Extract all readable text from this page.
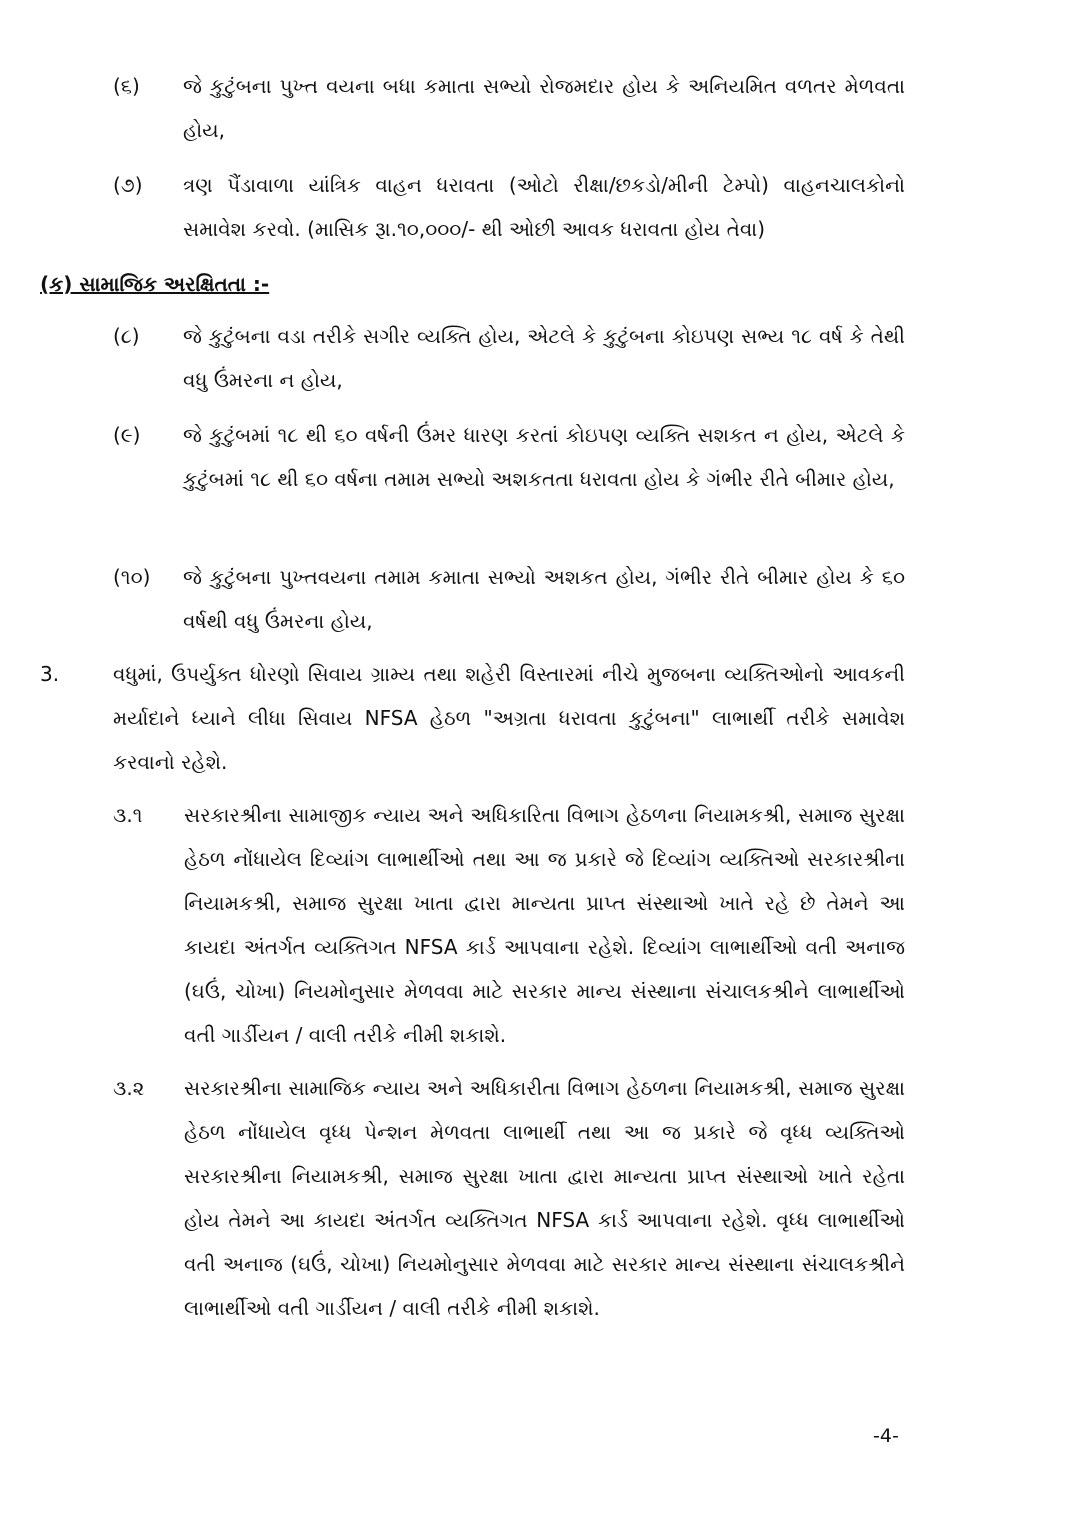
(૬) જે કુટુંબના પુખ્ત વયના બધા કમાતા સભ્યો રોજમદાર હોય કે અનિયમિત વળતર મેળવતા હોય,
(૭) ત્રણ પૈંડાવાળા યાંત્રિક વાહન ધરાવતા (ઓટો રીક્ષા/છકડો/મીની ટેમ્પો) વાહનચાલકોનો સમાવેશ કરવો. (માસિક રૂા.૧૦,૦૦૦/- થી ઓછી આવક ધરાવતા હોય તેવા)
(ક) સામાજિક અરક્ષિતતા :-
(૮) જે કુટુંબના વડા તરીકે સગીર વ્યક્તિ હોય, એટલે કે કુટુંબના કોઇપણ સભ્ય ૧૮ વર્ષ કે તેથી વધુ ઉંમરના ન હોય,
(૯) જે કુટુંબમાં ૧૮ થી ૬૦ વર્ષની ઉંમર ધારણ કરતાં કોઇપણ વ્યક્તિ સશકત ન હોય, એટલે કે કુટુંબમાં ૧૮ થી ૬૦ વર્ષના તમામ સભ્યો અશકતતા ધરાવતા હોય કે ગંભીર રીતે બીમાર હોય,
(૧૦) જે કુટુંબના પુખ્તવયના તમામ કમાતા સભ્યો અશકત હોય, ગંભીર રીતે બીમાર હોય કે ૬૦ વર્ષથી વધુ ઉંમરના હોય,
3.	વધુમાં, ઉપર્યુક્ત ધોરણો સિવાય ગ્રામ્ય તથા શહેરી વિસ્તારમાં નીચે મુજબના વ્યક્તિઓનો આવકની મર્યાદાને ધ્યાને લીધા સિવાય NFSA હેઠળ "અગ્રતા ધરાવતા કુટુંબના" લાભાર્થી તરીકે સમાવેશ કરવાનો રહેશે.
૩.૧ સરકારશ્રીના સામાજીક ન્યાય અને અધિકારિતા વિભાગ હેઠળના નિયામકશ્રી, સમાજ સુરક્ષા હેઠળ નોંધાયેલ દિવ્યાંગ લાભાર્થીઓ તથા આ જ પ્રકારે જે દિવ્યાંગ વ્યક્તિઓ સરકારશ્રીના નિયામકશ્રી, સમાજ સુરક્ષા ખાતા દ્વારા માન્યતા પ્રાપ્ત સંસ્થાઓ ખાતે રહે છે તેમને આ કાયદા અંતર્ગત વ્યક્તિગત NFSA કાર્ડ આપવાના રહેશે. દિવ્યાંગ લાભાર્થીઓ વતી અનાજ (ઘઉં, ચોખા) નિયમોનુસાર મેળવવા માટે સરકાર માન્ય સંસ્થાના સંચાલકશ્રીને લાભાર્થીઓ વતી ગાર્ડીયન / વાલી તરીકે નીમી શકાશે.
૩.૨ સરકારશ્રીના સામાજિક ન્યાય અને અધિકારીતા વિભાગ હેઠળના નિયામકશ્રી, સમાજ સુરક્ષા હેઠળ નોંધાયેલ વૃધ્ધ પેન્શન મેળવતા લાભાર્થી તથા આ જ પ્રકારે જે વૃધ્ધ વ્યક્તિઓ સરકારશ્રીના નિયામકશ્રી, સમાજ સુરક્ષા ખાતા દ્વારા માન્યતા પ્રાપ્ત સંસ્થાઓ ખાતે રહેતા હોય તેમને આ કાયદા અંતર્ગત વ્યક્તિગત NFSA કાર્ડ આપવાના રહેશે. વૃધ્ધ લાભાર્થીઓ વતી અનાજ (ઘઉં, ચોખા) નિયમોનુસાર મેળવવા માટે સરકાર માન્ય સંસ્થાના સંચાલકશ્રીને લાભાર્થીઓ વતી ગાર્ડીયન / વાલી તરીકે નીમી શકાશે.
-4-
